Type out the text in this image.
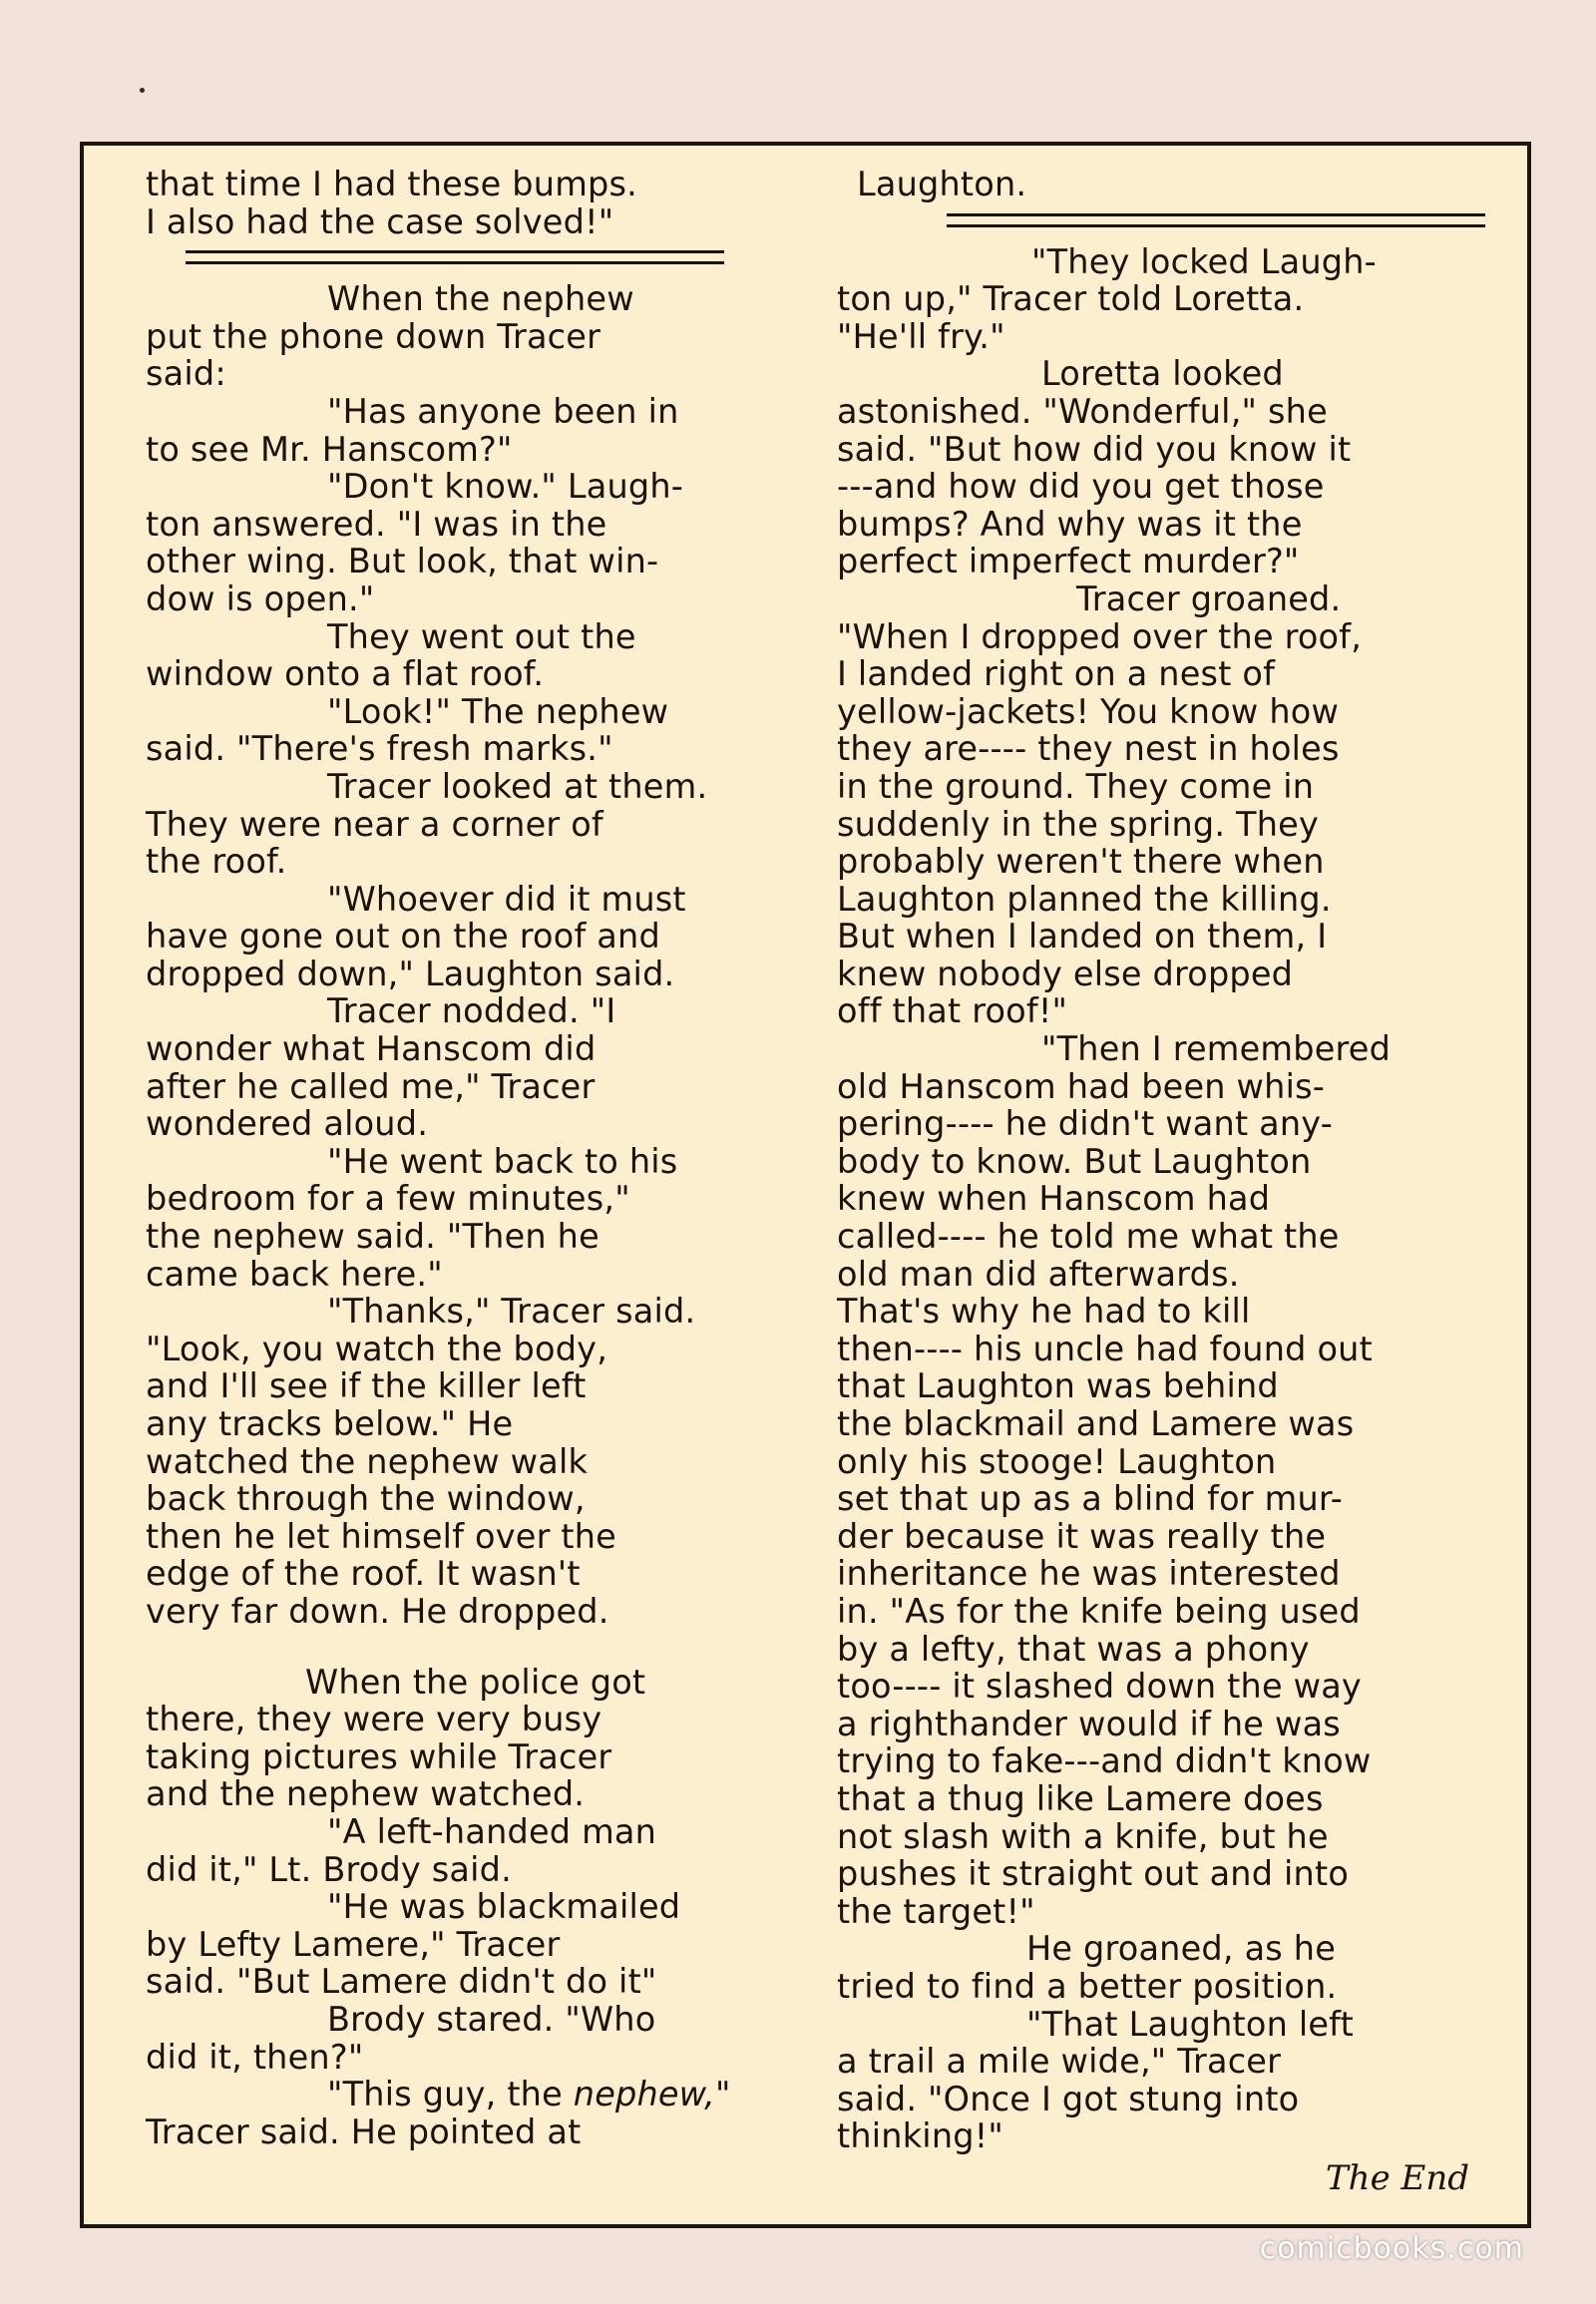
that time I had these bumps.
I also had the case solved!"
When the nephew
put the phone down Tracer
said:
"Has anyone been in
to see Mr. Hanscom?"
"Don't know." Laugh-
ton answered. "I was in the
other wing. But look, that win-
dow is open."
They went out the
window onto a flat roof.
"Look!" The nephew
said. "There's fresh marks."
Tracer looked at them.
They were near a corner of
the roof.
"Whoever did it must
have gone out on the roof and
dropped down," Laughton said.
Tracer nodded. "I
wonder what Hanscom did
after he called me," Tracer
wondered aloud.
"He went back to his
bedroom for a few minutes,"
the nephew said. "Then he
came back here."
"Thanks," Tracer said.
"Look, you watch the body,
and I'll see if the killer left
any tracks below." He
watched the nephew walk
back through the window,
then he let himself over the
edge of the roof. It wasn't
very far down. He dropped.
When the police got
there, they were very busy
taking pictures while Tracer
and the nephew watched.
"A left-handed man
did it," Lt. Brody said.
"He was blackmailed
by Lefty Lamere," Tracer
said. "But Lamere didn't do it"
Brody stared. "Who
did it, then?"
"This guy, the nephew,"
Tracer said. He pointed at
Laughton.
"They locked Laugh-
ton up," Tracer told Loretta.
"He'll fry."
Loretta looked
astonished. "Wonderful," she
said. "But how did you know it
---and how did you get those
bumps? And why was it the
perfect imperfect murder?"
Tracer groaned.
"When I dropped over the roof,
I landed right on a nest of
yellow-jackets! You know how
they are---- they nest in holes
in the ground. They come in
suddenly in the spring. They
probably weren't there when
Laughton planned the killing.
But when I landed on them, I
knew nobody else dropped
off that roof!"
"Then I remembered
old Hanscom had been whis-
pering---- he didn't want any-
body to know. But Laughton
knew when Hanscom had
called---- he told me what the
old man did afterwards.
That's why he had to kill
then---- his uncle had found out
that Laughton was behind
the blackmail and Lamere was
only his stooge! Laughton
set that up as a blind for mur-
der because it was really the
inheritance he was interested
in. "As for the knife being used
by a lefty, that was a phony
too---- it slashed down the way
a righthander would if he was
trying to fake---and didn't know
that a thug like Lamere does
not slash with a knife, but he
pushes it straight out and into
the target!"
He groaned, as he
tried to find a better position.
"That Laughton left
a trail a mile wide," Tracer
said. "Once I got stung into
thinking!"
The End
comicbooks.com
